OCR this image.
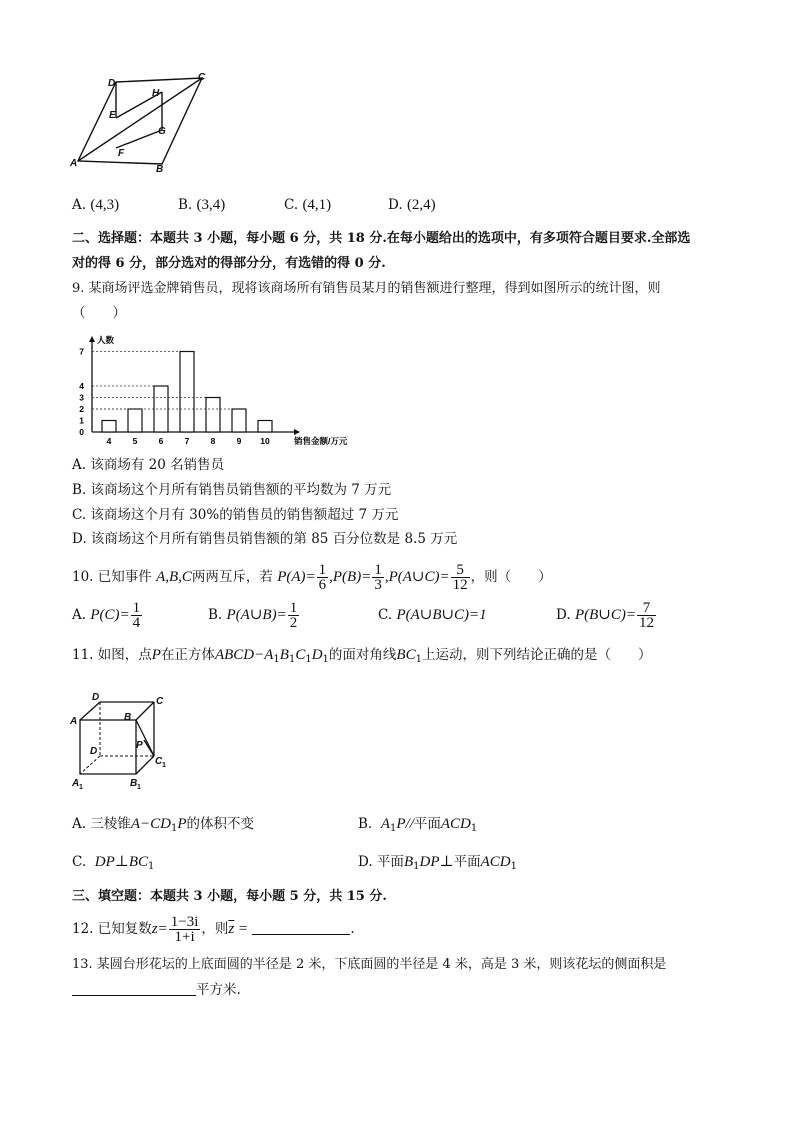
D
C
H
E
G
F
A
B
A. (4,3)	B. (3,4)	C. (4,1)	D. (2,4)
二、选择题：本题共 3 小题，每小题 6 分，共 18 分.在每小题给出的选项中，有多项符合题目要求.全部选
对的得 6 分，部分选对的得部分分，有选错的得 0 分.
9. 某商场评选金牌销售员，现将该商场所有销售员某月的销售额进行整理，得到如图所示的统计图，则
（　　）
0
1
2
3
4
7
4	5	6	7	8	9 10
人数
销售金额/万元
A. 该商场有 20 名销售员
B. 该商场这个月所有销售员销售额的平均数为 7 万元
C. 该商场这个月有 30%的销售员的销售额超过 7 万元
D. 该商场这个月所有销售员销售额的第 85 百分位数是 8.5 万元
10. 已知事件 A,B,C两两互斥，若 $P(A)= \frac{1}{6} ,P(B)= \frac{1}{3}$ ,P(A∪C)= $\frac{5}{12}$ ，则（　　）
A. $P(C)= \frac{1}{4}$	B. P(A∪B)= $\frac{1}{2}$	C. P(A∪B∪C)=1	D. P(B∪C)= $\frac{7}{12}$
11. 如图，点P在正方体$ABCD-A_1B_1C_1D_1$的面对角线$BC_1$上运动，则下列结论正确的是（　　）
D	C
A	B
D
P
C 1
A 1	B 1
A. 三棱锥$A-CD_1P$的体积不变	B. $A_1P//$平面$ACD_1$
C. $DP\perp BC_1$	D. 平面$B_1DP\perp$平面$ACD_1$
三、填空题：本题共 3 小题，每小题 5 分，共 15 分.
12. 已知复数$z= \frac{1-3i}{1+i}$ ，则$\overline{z}$ =	.
13. 某圆台形花坛的上底面圆的半径是 2 米，下底面圆的半径是 4 米，高是 3 米，则该花坛的侧面积是
平方米.
